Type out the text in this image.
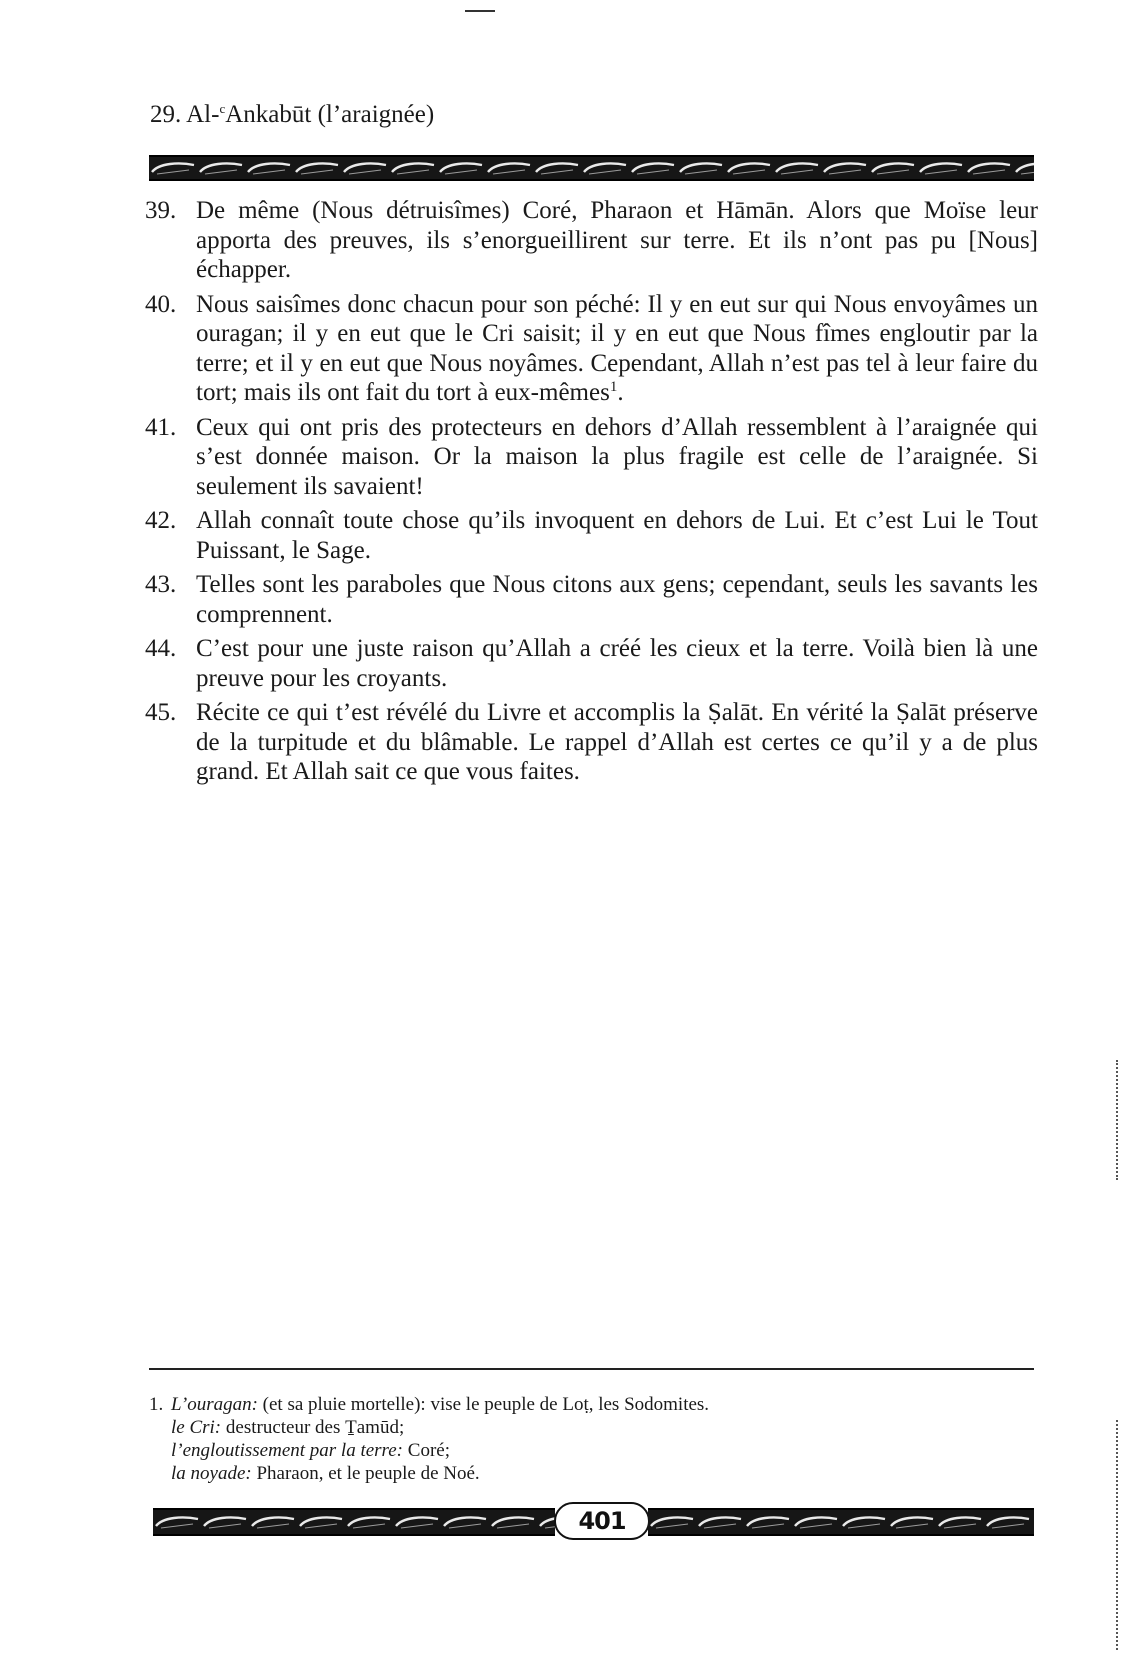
29. Al-$^c$Ankabūt (l’araignée)
39. De même (Nous détruisîmes) Coré, Pharaon et Hāmān. Alors que Moïse leur apporta des preuves, ils s’enorgueillirent sur terre. Et ils n’ont pas pu [Nous] échapper.
40. Nous saisîmes donc chacun pour son péché: Il y en eut sur qui Nous envoyâmes un ouragan; il y en eut que le Cri saisit; il y en eut que Nous fîmes engloutir par la terre; et il y en eut que Nous noyâmes. Cependant, Allah n’est pas tel à leur faire du tort; mais ils ont fait du tort à eux-mêmes$^1$.
41. Ceux qui ont pris des protecteurs en dehors d’Allah ressemblent à l’araignée qui s’est donnée maison. Or la maison la plus fragile est celle de l’araignée. Si seulement ils savaient!
42. Allah connaît toute chose qu’ils invoquent en dehors de Lui. Et c’est Lui le Tout Puissant, le Sage.
43. Telles sont les paraboles que Nous citons aux gens; cependant, seuls les savants les comprennent.
44. C’est pour une juste raison qu’Allah a créé les cieux et la terre. Voilà bien là une preuve pour les croyants.
45. Récite ce qui t’est révélé du Livre et accomplis la Ṣalāt. En vérité la Ṣalāt préserve de la turpitude et du blâmable. Le rappel d’Allah est certes ce qu’il y a de plus grand. Et Allah sait ce que vous faites.
1. L’ouragan: (et sa pluie mortelle): vise le peuple de Loṭ, les Sodomites.
le Cri: destructeur des Ṯamūd;
l’engloutissement par la terre: Coré;
la noyade: Pharaon, et le peuple de Noé.
401
